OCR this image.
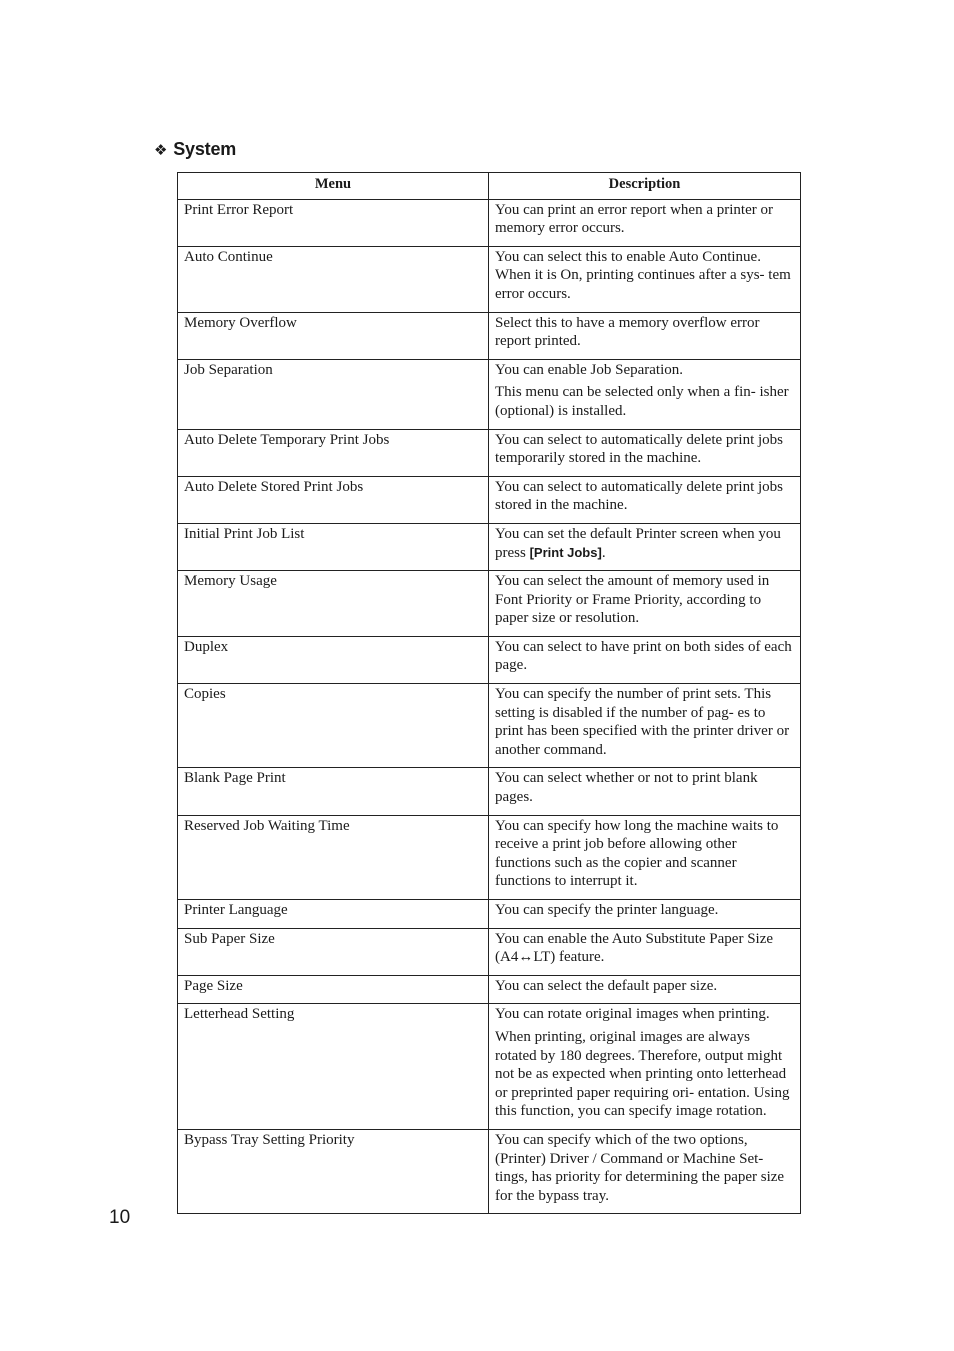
❖ System
Menu	Description
Print Error Report	You can print an error report when a printer or memory error occurs.

Auto Continue	You can select this to enable Auto Continue. When it is On, printing continues after a sys- tem error occurs.

Memory Overflow	Select this to have a memory overflow error report printed.

Job Separation	You can enable Job Separation.

This menu can be selected only when a fin- isher (optional) is installed.

Auto Delete Temporary Print Jobs	You can select to automatically delete print jobs temporarily stored in the machine.

Auto Delete Stored Print Jobs	You can select to automatically delete print jobs stored in the machine.

Initial Print Job List	You can set the default Printer screen when you press [Print Jobs].

Memory Usage	You can select the amount of memory used in Font Priority or Frame Priority, according to paper size or resolution.

Duplex	You can select to have print on both sides of each page.

Copies	You can specify the number of print sets. This setting is disabled if the number of pag- es to print has been specified with the printer driver or another command.

Blank Page Print	You can select whether or not to print blank pages.

Reserved Job Waiting Time	You can specify how long the machine waits to receive a print job before allowing other functions such as the copier and scanner functions to interrupt it.

Printer Language	You can specify the printer language.

Sub Paper Size	You can enable the Auto Substitute Paper Size (A4↔LT) feature.

Page Size	You can select the default paper size.

Letterhead Setting	You can rotate original images when printing.

When printing, original images are always rotated by 180 degrees. Therefore, output might not be as expected when printing onto letterhead or preprinted paper requiring ori- entation. Using this function, you can specify image rotation.

Bypass Tray Setting Priority	You can specify which of the two options, (Printer) Driver / Command or Machine Set- tings, has priority for determining the paper size for the bypass tray.

10
